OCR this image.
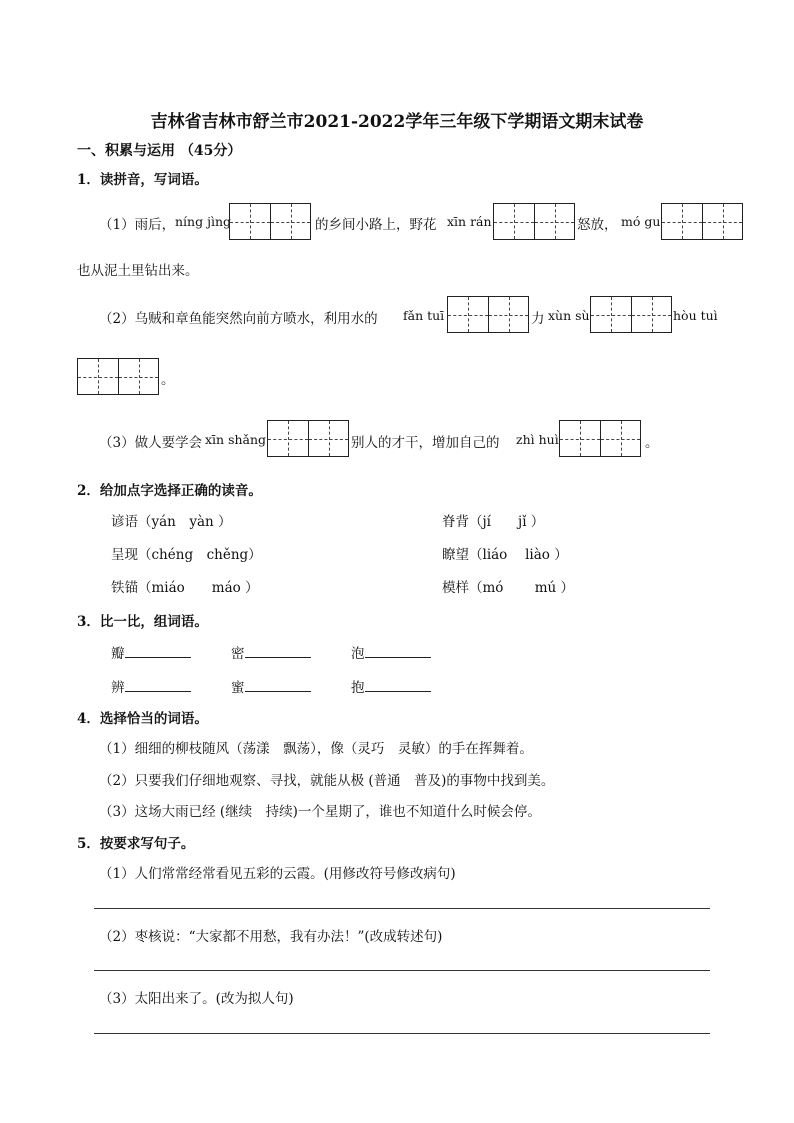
吉林省吉林市舒兰市2021-2022学年三年级下学期语文期末试卷
一、积累与运用 （45分）
1．读拼音，写词语。
（1）雨后， níng jìng	的乡间小路上，野花 xīn rán	怒放， mó gu
也从泥土里钻出来。
（2）乌贼和章鱼能突然向前方喷水，利用水的 fǎn tuī	力 xùn sù	hòu tuì
。
（3）做人要学会 xīn shǎng	别人的才干，增加自己的 zhì huì	。
2．给加点字选择正确的读音。
谚语（yán　yàn ）	脊背（jí　　jǐ ）
呈现（chéng　chěng）	瞭望（liáo　 liào ）
铁锚（miáo　　máo ）	模样（mó　　 mú ）
3．比一比，组词语。
瓣	密	泡
辨	蜜	抱
4．选择恰当的词语。
（1）细细的柳枝随风（荡漾　飘荡），像（灵巧　灵敏）的手在挥舞着。
（2）只要我们仔细地观察、寻找，就能从极 (普通　普及)的事物中找到美。
（3）这场大雨已经 (继续　持续)一个星期了，谁也不知道什么时候会停。
5．按要求写句子。
（1）人们常常经常看见五彩的云霞。(用修改符号修改病句)
（2）枣核说：“大家都不用愁，我有办法！”(改成转述句)
（3）太阳出来了。(改为拟人句)
